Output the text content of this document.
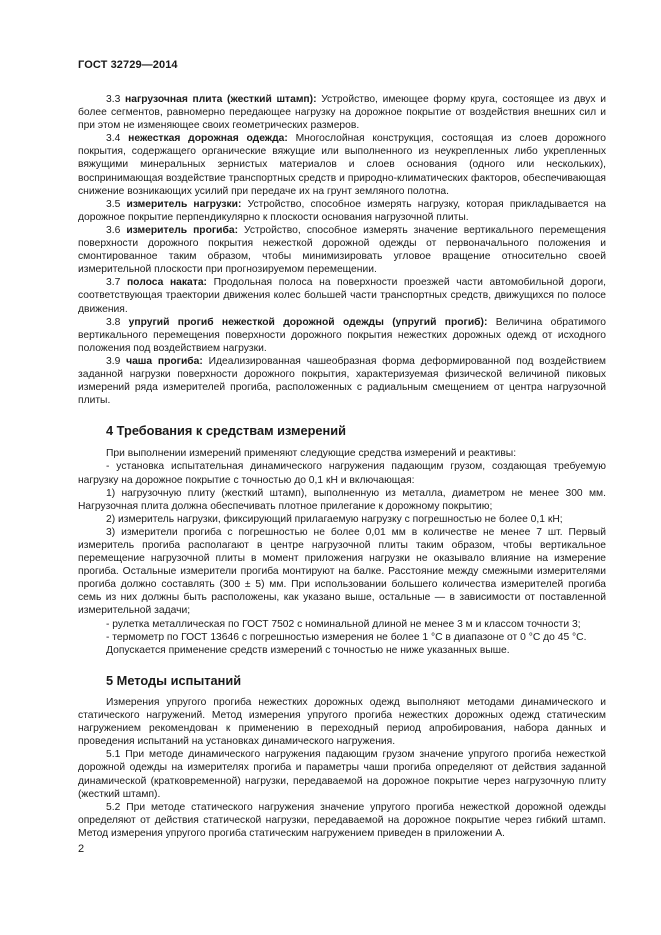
ГОСТ 32729—2014

3.3 нагрузочная плита (жесткий штамп): Устройство, имеющее форму круга, состоящее из двух и более сегментов, равномерно передающее нагрузку на дорожное покрытие от воздействия внешних сил и при этом не изменяющее своих геометрических размеров.

3.4 нежесткая дорожная одежда: Многослойная конструкция, состоящая из слоев дорожного покрытия, содержащего органические вяжущие или выполненного из неукрепленных либо укрепленных вяжущими минеральных зернистых материалов и слоев основания (одного или нескольких), воспринимающая воздействие транспортных средств и природно-климатических факторов, обеспечивающая снижение возникающих усилий при передаче их на грунт земляного полотна.

3.5 измеритель нагрузки: Устройство, способное измерять нагрузку, которая прикладывается на дорожное покрытие перпендикулярно к плоскости основания нагрузочной плиты.

3.6 измеритель прогиба: Устройство, способное измерять значение вертикального перемещения поверхности дорожного покрытия нежесткой дорожной одежды от первоначального положения и смонтированное таким образом, чтобы минимизировать угловое вращение относительно своей измерительной плоскости при прогнозируемом перемещении.

3.7 полоса наката: Продольная полоса на поверхности проезжей части автомобильной дороги, соответствующая траектории движения колес большей части транспортных средств, движущихся по полосе движения.

3.8 упругий прогиб нежесткой дорожной одежды (упругий прогиб): Величина обратимого вертикального перемещения поверхности дорожного покрытия нежестких дорожных одежд от исходного положения под воздействием нагрузки.

3.9 чаша прогиба: Идеализированная чашеобразная форма деформированной под воздействием заданной нагрузки поверхности дорожного покрытия, характеризуемая физической величиной пиковых измерений ряда измерителей прогиба, расположенных с радиальным смещением от центра нагрузочной плиты.

4 Требования к средствам измерений

При выполнении измерений применяют следующие средства измерений и реактивы:

- установка испытательная динамического нагружения падающим грузом, создающая требуемую нагрузку на дорожное покрытие с точностью до 0,1 кН и включающая:

1) нагрузочную плиту (жесткий штамп), выполненную из металла, диаметром не менее 300 мм. Нагрузочная плита должна обеспечивать плотное прилегание к дорожному покрытию;

2) измеритель нагрузки, фиксирующий прилагаемую нагрузку с погрешностью не более 0,1 кН;

3) измерители прогиба с погрешностью не более 0,01 мм в количестве не менее 7 шт. Первый измеритель прогиба располагают в центре нагрузочной плиты таким образом, чтобы вертикальное перемещение нагрузочной плиты в момент приложения нагрузки не оказывало влияние на измерение прогиба. Остальные измерители прогиба монтируют на балке. Расстояние между смежными измерителями прогиба должно составлять (300 ± 5) мм. При использовании большего количества измерителей прогиба семь из них должны быть расположены, как указано выше, остальные — в зависимости от поставленной измерительной задачи;

- рулетка металлическая по ГОСТ 7502 с номинальной длиной не менее 3 м и классом точности 3;

- термометр по ГОСТ 13646 с погрешностью измерения не более 1 °С в диапазоне от 0 °С до 45 °С.

Допускается применение средств измерений с точностью не ниже указанных выше.

5 Методы испытаний

Измерения упругого прогиба нежестких дорожных одежд выполняют методами динамического и статического нагружений. Метод измерения упругого прогиба нежестких дорожных одежд статическим нагружением рекомендован к применению в переходный период апробирования, набора данных и проведения испытаний на установках динамического нагружения.

5.1 При методе динамического нагружения падающим грузом значение упругого прогиба нежесткой дорожной одежды на измерителях прогиба и параметры чаши прогиба определяют от действия заданной динамической (кратковременной) нагрузки, передаваемой на дорожное покрытие через нагрузочную плиту (жесткий штамп).

5.2 При методе статического нагружения значение упругого прогиба нежесткой дорожной одежды определяют от действия статической нагрузки, передаваемой на дорожное покрытие через гибкий штамп. Метод измерения упругого прогиба статическим нагружением приведен в приложении А.

2
